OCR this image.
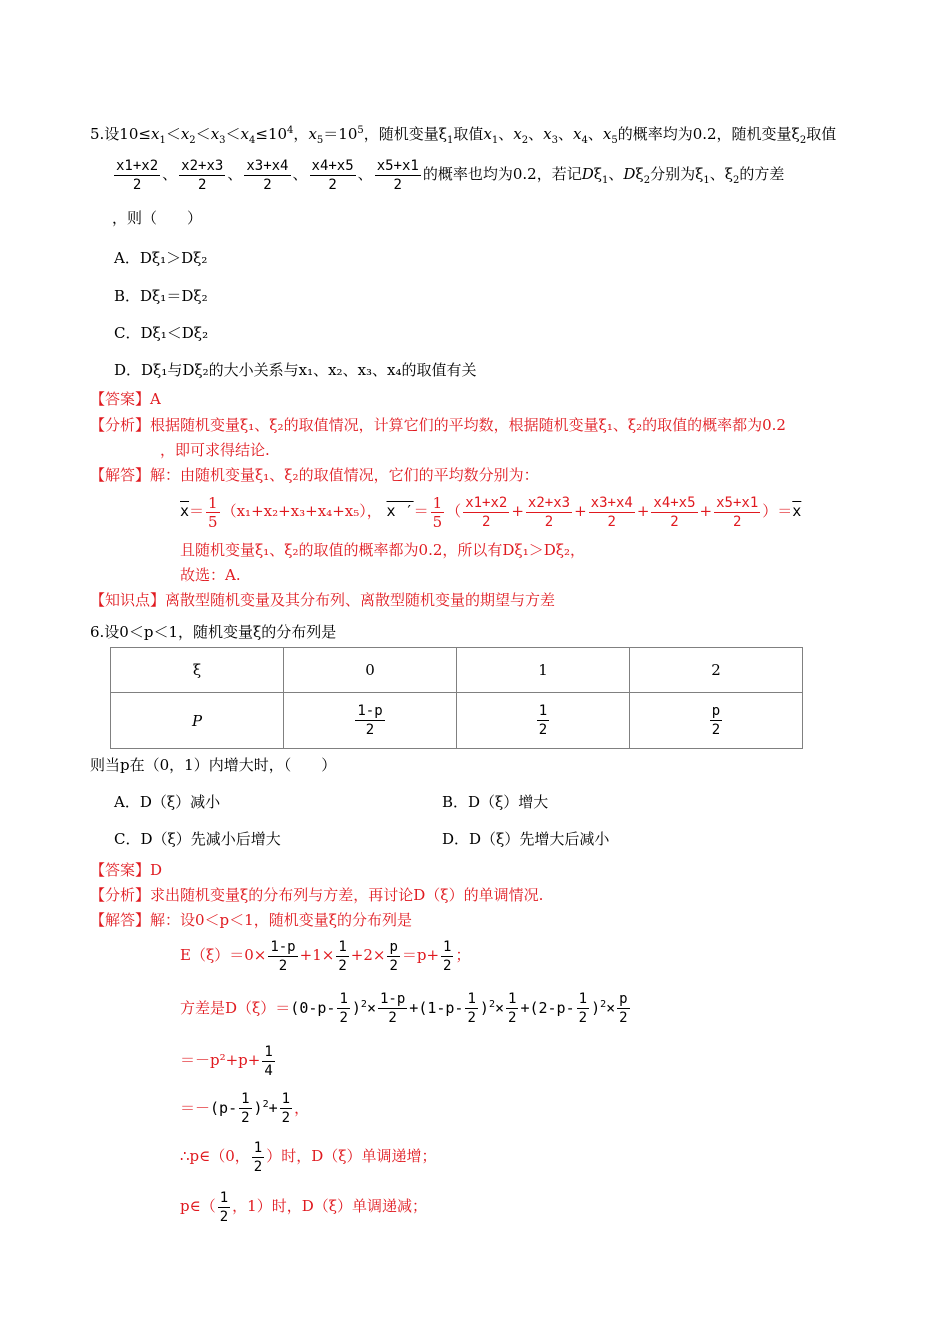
5.设$10\le x_1<x_2<x_3<x_4\le 10^4$，$x_5=10^5$，随机变量$\xi_1$取值$x_1$、$x_2$、$x_3$、$x_4$、$x_5$的概率均为0.2，随机变量$\xi_2$取值
$\frac{x1+x2}{2}$ 、 $\frac{x2+x3}{2}$ 、 $\frac{x3+x4}{2}$ 、 $\frac{x4+x5}{2}$ 、 $\frac{x5+x1}{2}$ 的概率也均为0.2，若记$D\xi_1$、$D\xi_2$分别为$\xi_1$、$\xi_2$的方差
，则（　　）
A．Dξ₁＞Dξ₂
B．Dξ₁＝Dξ₂
C．Dξ₁＜Dξ₂
D．Dξ₁与Dξ₂的大小关系与x₁、x₂、x₃、x₄的取值有关
【答案】A
【分析】根据随机变量ξ₁、ξ₂的取值情况，计算它们的平均数，根据随机变量ξ₁、ξ₂的取值的概率都为0.2
，即可求得结论.
【解答】解：由随机变量ξ₁、ξ₂的取值情况，它们的平均数分别为：
$\overline{x}= \frac{1}{5} (x_1+x_2+x_3+x_4+x_5)$， x ′＝ $\frac{1}{5}$ （ $\frac{x1+x2}{2} + \frac{x2+x3}{2} + \frac{x3+x4}{2} + \frac{x4+x5}{2} + \frac{x5+x1}{2} )=\overline{x}$
且随机变量ξ₁、ξ₂的取值的概率都为0.2，所以有Dξ₁＞Dξ₂，
故选：A.
【知识点】离散型随机变量及其分布列、离散型随机变量的期望与方差
6.设0＜p＜1，随机变量ξ的分布列是
ξ	0	1	2
P	$\frac{1-p}{2}$	$\frac{1}{2}$	$\frac{p}{2}$
则当p在（0，1）内增大时，（　　）
A．D（ξ）减小	B．D（ξ）增大
C．D（ξ）先减小后增大	D．D（ξ）先增大后减小
【答案】D
【分析】求出随机变量ξ的分布列与方差，再讨论D（ξ）的单调情况.
【解答】解：设0＜p＜1，随机变量ξ的分布列是
$E(\xi)=0\times \frac{1-p}{2} +1\times \frac{1}{2} +2\times \frac{p}{2} =p+ \frac{1}{2}$ ；
方差是$D(\xi)=(0-p- \frac{1}{2} )^2\times \frac{1-p}{2} +(1-p- \frac{1}{2} )^2\times \frac{1}{2} +(2-p- \frac{1}{2} )^2\times \frac{p}{2}$
$=-p^2+p+ \frac{1}{4}$
$=-(p- \frac{1}{2} )^2+ \frac{1}{2}$ ，
∴p∈（0， $\frac{1}{2}$ ）时，D（ξ）单调递增；
p∈（ $\frac{1}{2}$ ，1）时，D（ξ）单调递减；
